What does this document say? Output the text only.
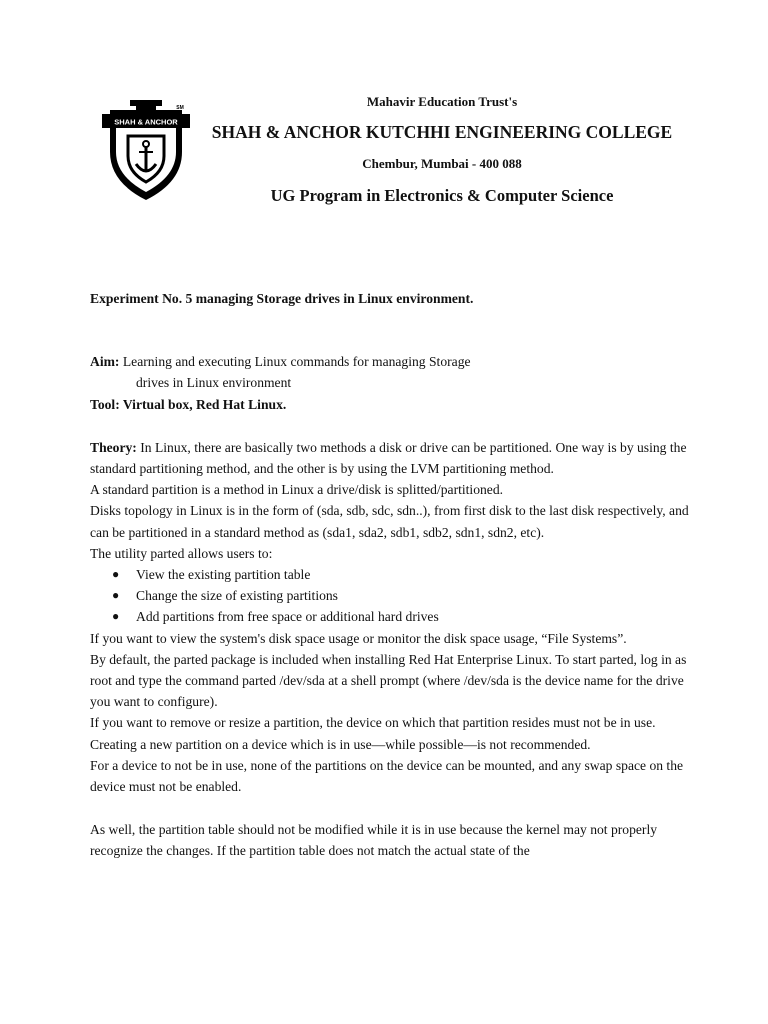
SHAH & ANCHOR
SM	Mahavir Education Trust's
SHAH & ANCHOR KUTCHHI ENGINEERING COLLEGE
Chembur, Mumbai - 400 088
UG Program in Electronics & Computer Science

Experiment No. 5 managing Storage drives in Linux environment.

Aim: Learning and executing Linux commands for managing Storage

drives in Linux environment

Tool: Virtual box, Red Hat Linux.

Theory: In Linux, there are basically two methods a disk or drive can be partitioned. One way is by using the standard partitioning method, and the other is by using the LVM partitioning method.

A standard partition is a method in Linux a drive/disk is splitted/partitioned.

Disks topology in Linux is in the form of (sda, sdb, sdc, sdn..), from first disk to the last disk respectively, and can be partitioned in a standard method as (sda1, sda2, sdb1, sdb2, sdn1, sdn2, etc).

The utility parted allows users to:

● View the existing partition table
● Change the size of existing partitions
● Add partitions from free space or additional hard drives

If you want to view the system's disk space usage or monitor the disk space usage, “File Systems”.

By default, the parted package is included when installing Red Hat Enterprise Linux. To start parted, log in as root and type the command parted /dev/sda at a shell prompt (where /dev/sda is the device name for the drive you want to configure).

If you want to remove or resize a partition, the device on which that partition resides must not be in use. Creating a new partition on a device which is in use—while possible—is not recommended.

For a device to not be in use, none of the partitions on the device can be mounted, and any swap space on the device must not be enabled.

As well, the partition table should not be modified while it is in use because the kernel may not properly recognize the changes. If the partition table does not match the actual state of the
